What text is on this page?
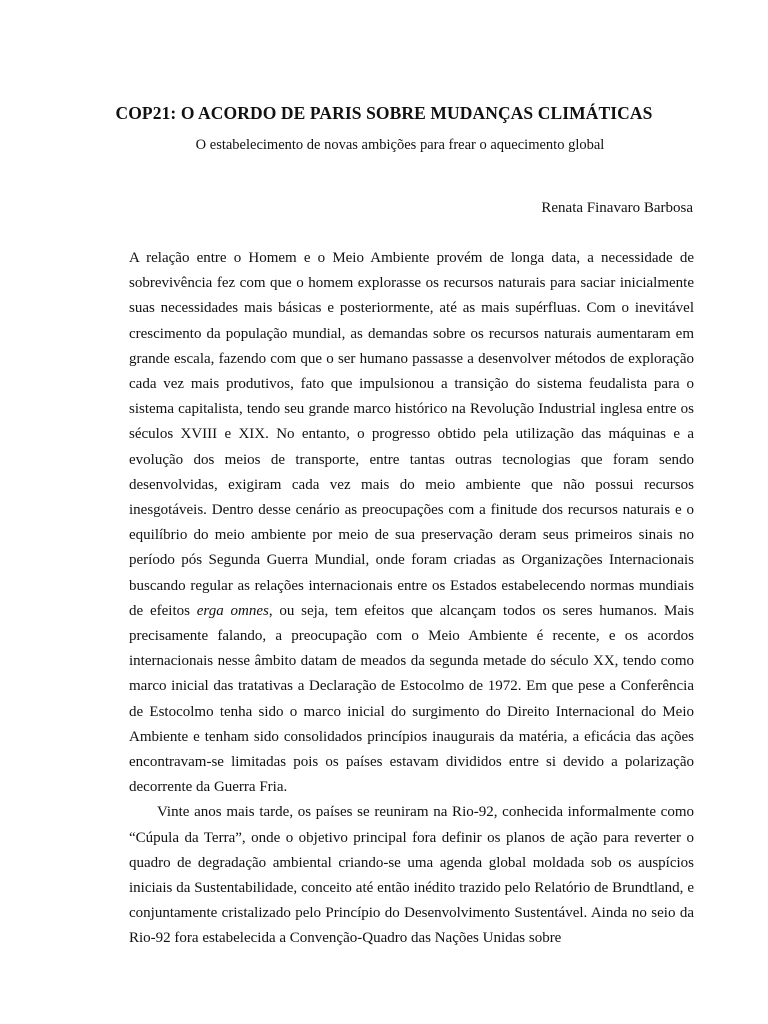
COP21: O ACORDO DE PARIS SOBRE MUDANÇAS CLIMÁTICAS

O estabelecimento de novas ambições para frear o aquecimento global

Renata Finavaro Barbosa

A relação entre o Homem e o Meio Ambiente provém de longa data, a necessidade de sobrevivência fez com que o homem explorasse os recursos naturais para saciar inicialmente suas necessidades mais básicas e posteriormente, até as mais supérfluas. Com o inevitável crescimento da população mundial, as demandas sobre os recursos naturais aumentaram em grande escala, fazendo com que o ser humano passasse a desenvolver métodos de exploração cada vez mais produtivos, fato que impulsionou a transição do sistema feudalista para o sistema capitalista, tendo seu grande marco histórico na Revolução Industrial inglesa entre os séculos XVIII e XIX. No entanto, o progresso obtido pela utilização das máquinas e a evolução dos meios de transporte, entre tantas outras tecnologias que foram sendo desenvolvidas, exigiram cada vez mais do meio ambiente que não possui recursos inesgotáveis. Dentro desse cenário as preocupações com a finitude dos recursos naturais e o equilíbrio do meio ambiente por meio de sua preservação deram seus primeiros sinais no período pós Segunda Guerra Mundial, onde foram criadas as Organizações Internacionais buscando regular as relações internacionais entre os Estados estabelecendo normas mundiais de efeitos erga omnes, ou seja, tem efeitos que alcançam todos os seres humanos. Mais precisamente falando, a preocupação com o Meio Ambiente é recente, e os acordos internacionais nesse âmbito datam de meados da segunda metade do século XX, tendo como marco inicial das tratativas a Declaração de Estocolmo de 1972. Em que pese a Conferência de Estocolmo tenha sido o marco inicial do surgimento do Direito Internacional do Meio Ambiente e tenham sido consolidados princípios inaugurais da matéria, a eficácia das ações encontravam-se limitadas pois os países estavam divididos entre si devido a polarização decorrente da Guerra Fria.

Vinte anos mais tarde, os países se reuniram na Rio-92, conhecida informalmente como “Cúpula da Terra”, onde o objetivo principal fora definir os planos de ação para reverter o quadro de degradação ambiental criando-se uma agenda global moldada sob os auspícios iniciais da Sustentabilidade, conceito até então inédito trazido pelo Relatório de Brundtland, e conjuntamente cristalizado pelo Princípio do Desenvolvimento Sustentável. Ainda no seio da Rio-92 fora estabelecida a Convenção-Quadro das Nações Unidas sobre
